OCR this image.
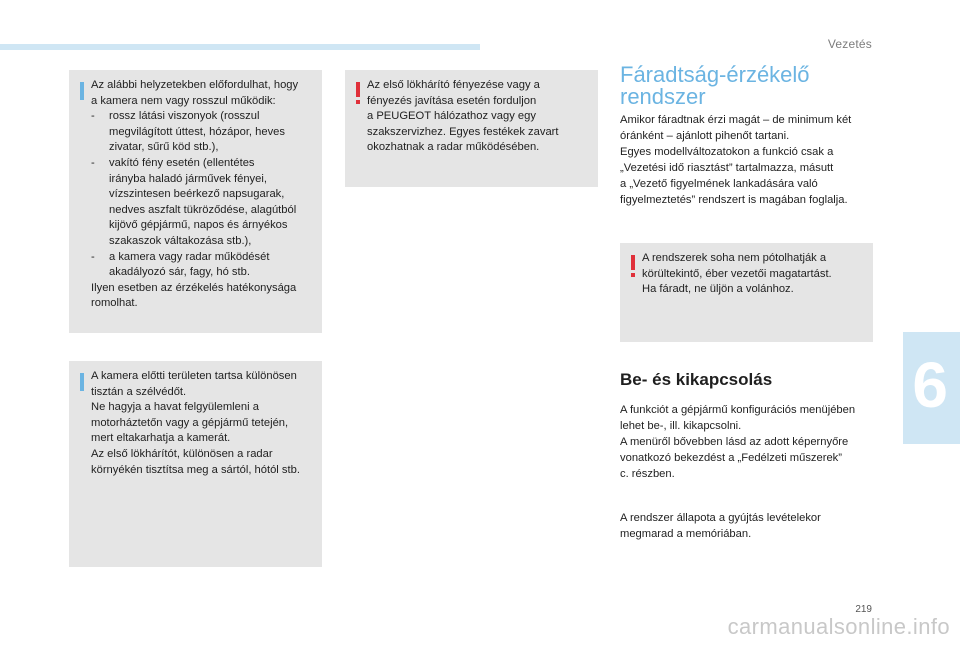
Vezetés
6
Az alábbi helyzetekben előfordulhat, hogy
a kamera nem vagy rosszul működik:
- rossz látási viszonyok (rosszul
megvilágított úttest, hózápor, heves
zivatar, sűrű köd stb.),
- vakító fény esetén (ellentétes
irányba haladó járművek fényei,
vízszintesen beérkező napsugarak,
nedves aszfalt tükröződése, alagútból
kijövő gépjármű, napos és árnyékos
szakaszok váltakozása stb.),
- a kamera vagy radar működését
akadályozó sár, fagy, hó stb.
Ilyen esetben az érzékelés hatékonysága
romolhat.
A kamera előtti területen tartsa különösen
tisztán a szélvédőt.
Ne hagyja a havat felgyülemleni a
motorháztetőn vagy a gépjármű tetején,
mert eltakarhatja a kamerát.
Az első lökhárítót, különösen a radar
környékén tisztítsa meg a sártól, hótól stb.
Az első lökhárító fényezése vagy a
fényezés javítása esetén forduljon
a PEUGEOT hálózathoz vagy egy
szakszervizhez. Egyes festékek zavart
okozhatnak a radar működésében.
Fáradtság-érzékelő
rendszer
Amikor fáradtnak érzi magát – de minimum két
óránként – ajánlott pihenőt tartani.
Egyes modellváltozatokon a funkció csak a
„Vezetési idő riasztást” tartalmazza, másutt
a „Vezető figyelmének lankadására való
figyelmeztetés” rendszert is magában foglalja.
A rendszerek soha nem pótolhatják a
körültekintő, éber vezetői magatartást.
Ha fáradt, ne üljön a volánhoz.
Be- és kikapcsolás
A funkciót a gépjármű konfigurációs menüjében
lehet be-, ill. kikapcsolni.
A menüről bővebben lásd az adott képernyőre
vonatkozó bekezdést a „Fedélzeti műszerek”
c. részben.
A rendszer állapota a gyújtás levételekor
megmarad a memóriában.
219
carmanualsonline.info
